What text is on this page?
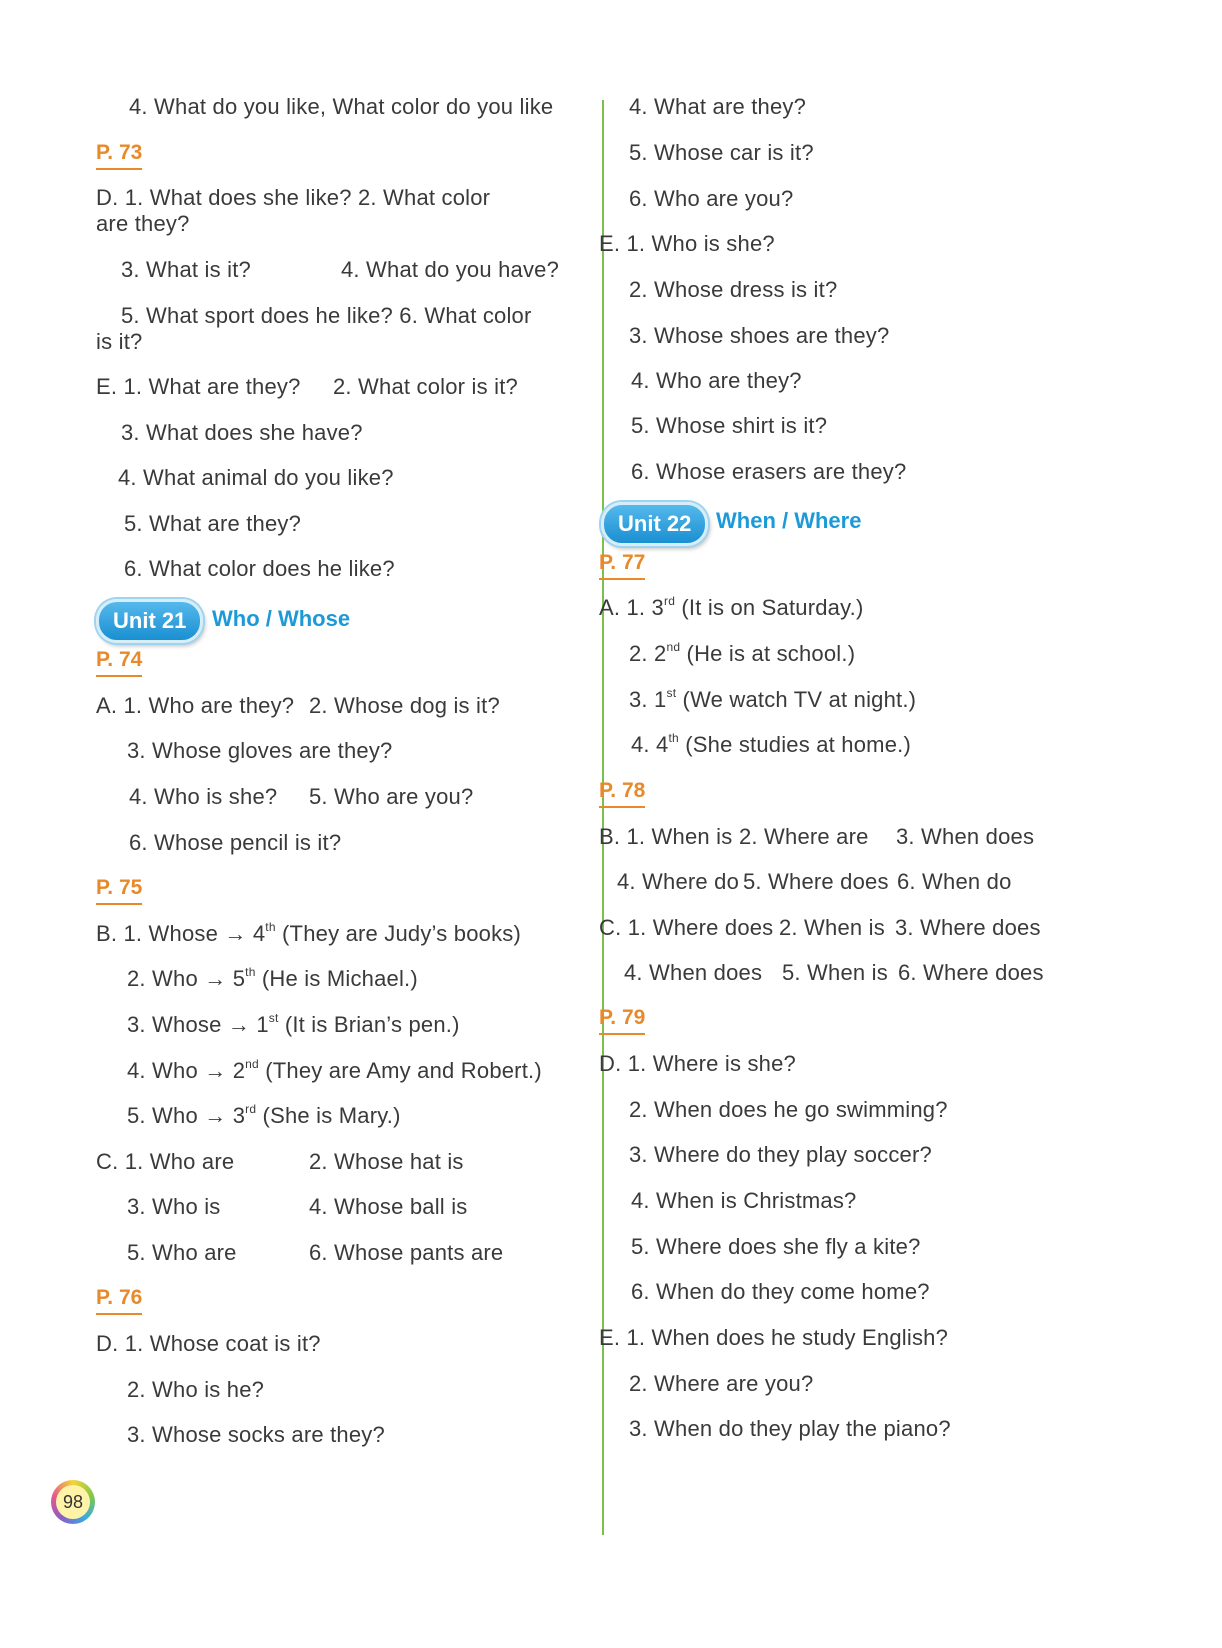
4. What do you like, What color do you like
P. 73
D. 1. What does she like? 2. What color are they?
3. What is it?	4. What do you have?
5. What sport does he like? 6. What color is it?
E. 1. What are they? 2. What color is it?
3. What does she have?
4. What animal do you like?
5. What are they?
6. What color does he like?
Unit 21	Who / Whose
P. 74
A. 1. Who are they? 2. Whose dog is it?
3. Whose gloves are they?
4. Who is she? 5. Who are you?
6. Whose pencil is it?
P. 75
B. 1. Whose → 4th (They are Judy’s books)
2. Who → 5th (He is Michael.)
3. Whose → 1st (It is Brian’s pen.)
4. Who → 2nd (They are Amy and Robert.)
5. Who → 3rd (She is Mary.)
C. 1. Who are	2. Whose hat is
3. Who is	4. Whose ball is
5. Who are	6. Whose pants are
P. 76
D. 1. Whose coat is it?
2. Who is he?
3. Whose socks are they?
4. What are they?
5. Whose car is it?
6. Who are you?
E. 1. Who is she?
2. Whose dress is it?
3. Whose shoes are they?
4. Who are they?
5. Whose shirt is it?
6. Whose erasers are they?
Unit 22	When / Where
P. 77
A. 1. 3rd (It is on Saturday.)
2. 2nd (He is at school.)
3. 1st (We watch TV at night.)
4. 4th (She studies at home.)
P. 78
B. 1. When is 2. Where are 3. When does
4. Where do 5. Where does 6. When do
C. 1. Where does 2. When is 3. Where does
4. When does 5. When is 6. Where does
P. 79
D. 1. Where is she?
2. When does he go swimming?
3. Where do they play soccer?
4. When is Christmas?
5. Where does she fly a kite?
6. When do they come home?
E. 1. When does he study English?
2. Where are you?
3. When do they play the piano?
98
